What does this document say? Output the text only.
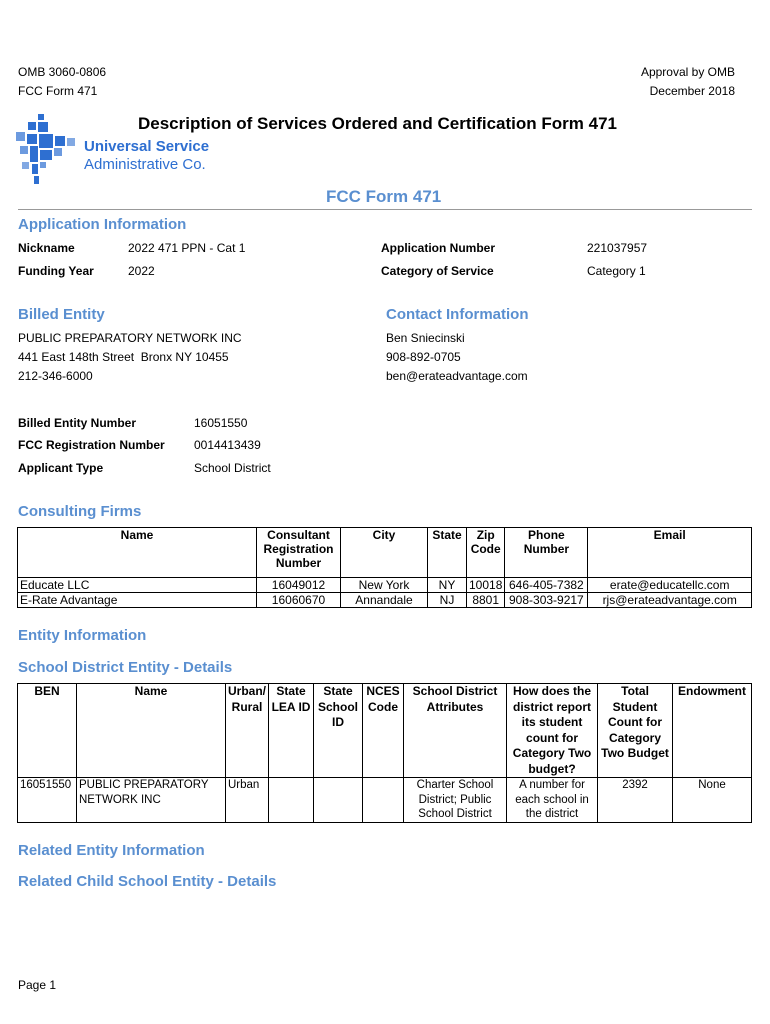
OMB 3060-0806
FCC Form 471
Approval by OMB
December 2018
Universal Service
Administrative Co.
Description of Services Ordered and Certification Form 471
FCC Form 471
Application Information
Nickname	2022 471 PPN - Cat 1
Funding Year	2022
Application Number	221037957
Category of Service	Category 1
Billed Entity
PUBLIC PREPARATORY NETWORK INC
441 East 148th Street  Bronx NY 10455
212-346-6000
Contact Information
Ben Sniecinski
908-892-0705
ben@erateadvantage.com
Billed Entity Number	16051550
FCC Registration Number 0014413439
Applicant Type	School District
Consulting Firms
Name	Consultant Registration Number	City	State	Zip Code	Phone Number	Email
Educate LLC	16049012	New York	NY	10018	646-405-7382	erate@educatellc.com
E-Rate Advantage	16060670	Annandale	NJ	8801	908-303-9217	rjs@erateadvantage.com
Entity Information
School District Entity - Details
BEN	Name	Urban/ Rural	State LEA ID	State School ID	NCES Code	School District Attributes	How does the district report its student count for Category Two budget?	Total Student Count for Category Two Budget	Endowment
16051550	PUBLIC PREPARATORY NETWORK INC	Urban				Charter School District; Public School District	A number for each school in the district	2392	None
Related Entity Information
Related Child School Entity - Details
Page 1
